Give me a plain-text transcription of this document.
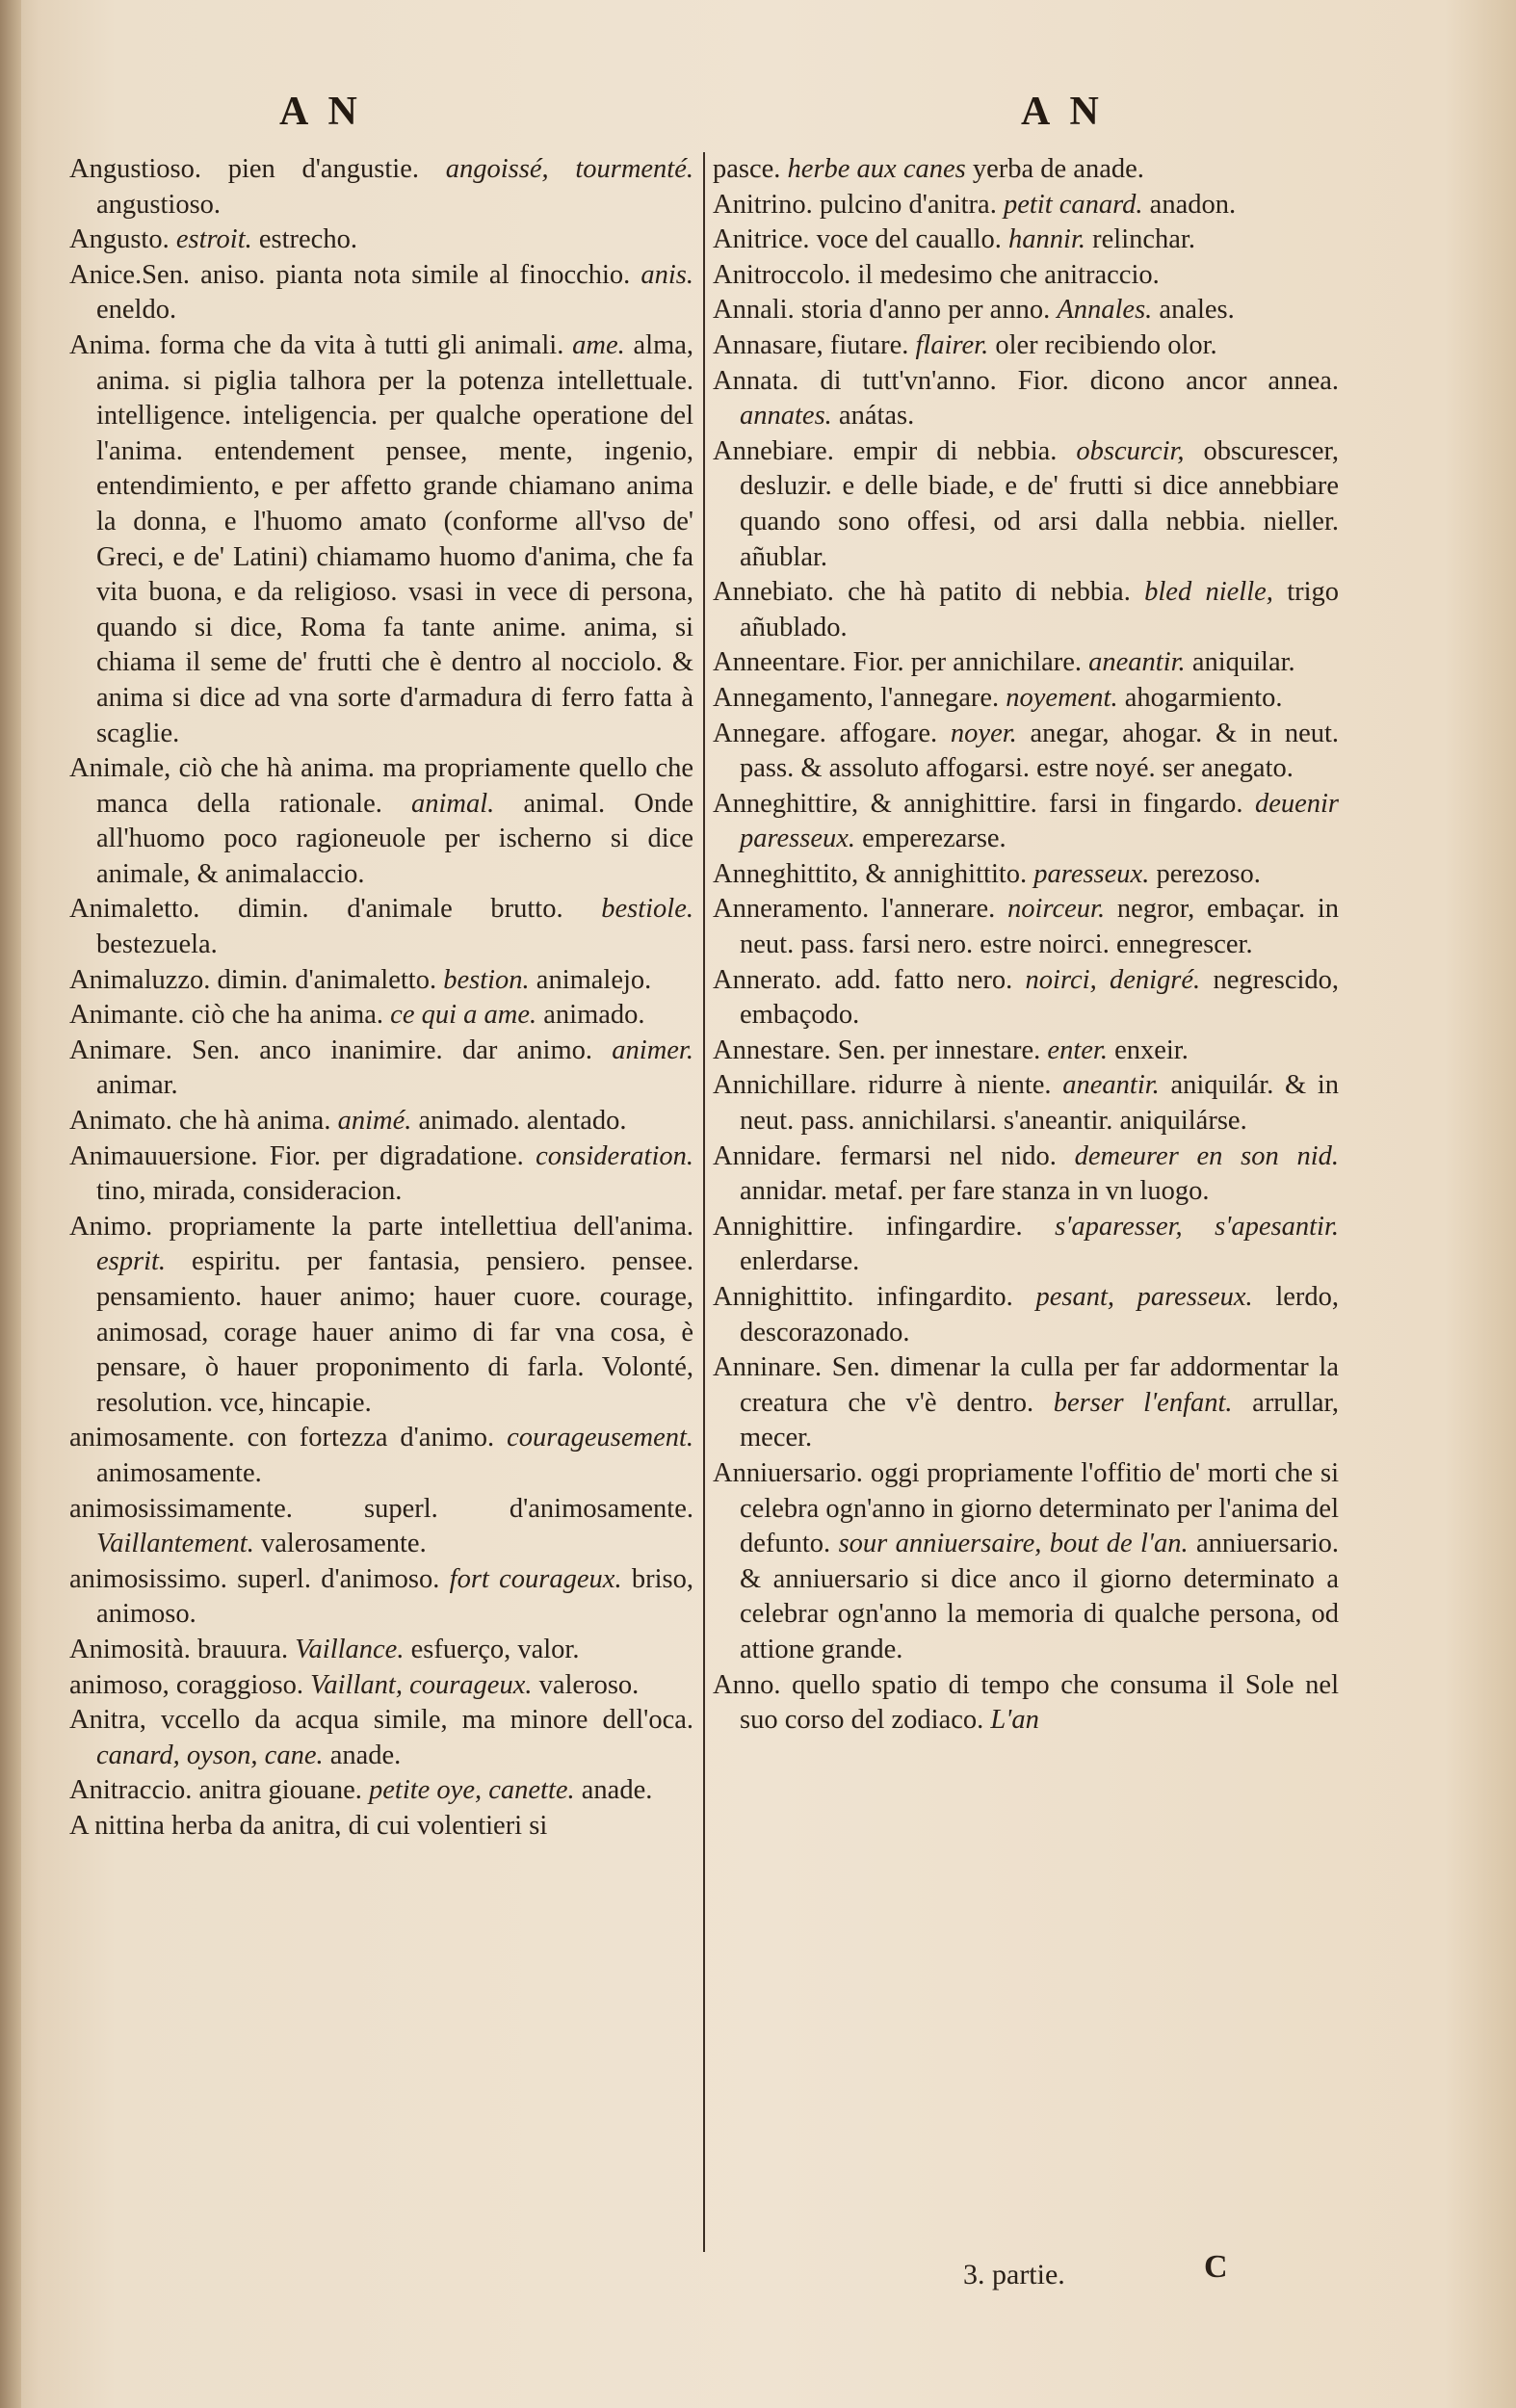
A N	A N

Angustioso. pien d'angustie. angoissé, tourmenté. angustioso.

Angusto. estroit. estrecho.

Anice.Sen. aniso. pianta nota simile al finocchio. anis. eneldo.

Anima. forma che da vita à tutti gli animali. ame. alma, anima. si piglia talhora per la potenza intellettuale. intelligence. inteligencia. per qualche operatione del l'anima. entendement pensee, mente, ingenio, entendimiento, e per affetto grande chiamano anima la donna, e l'huomo amato (conforme all'vso de' Greci, e de' Latini) chiamamo huomo d'anima, che fa vita buona, e da religioso. vsasi in vece di persona, quando si dice, Roma fa tante anime. anima, si chiama il seme de' frutti che è dentro al nocciolo. & anima si dice ad vna sorte d'armadura di ferro fatta à scaglie.

Animale, ciò che hà anima. ma propriamente quello che manca della rationale. animal. animal. Onde all'huomo poco ragioneuole per ischerno si dice animale, & animalaccio.

Animaletto. dimin. d'animale brutto. bestiole. bestezuela.

Animaluzzo. dimin. d'animaletto. bestion. animalejo.

Animante. ciò che ha anima. ce qui a ame. animado.

Animare. Sen. anco inanimire. dar animo. animer. animar.

Animato. che hà anima. animé. animado. alentado.

Animauuersione. Fior. per digradatione. consideration. tino, mirada, consideracion.

Animo. propriamente la parte intellettiua dell'anima. esprit. espiritu. per fantasia, pensiero. pensee. pensamiento. hauer animo; hauer cuore. courage, animosad, corage hauer animo di far vna cosa, è pensare, ò hauer proponimento di farla. Volonté, resolution. vce, hincapie.

animosamente. con fortezza d'animo. courageusement. animosamente.

animosissimamente. superl. d'animosamente. Vaillantement. valerosamente.

animosissimo. superl. d'animoso. fort courageux. briso, animoso.

Animosità. brauura. Vaillance. esfuerço, valor.

animoso, coraggioso. Vaillant, courageux. valeroso.

Anitra, vccello da acqua simile, ma minore dell'oca. canard, oyson, cane. anade.

Anitraccio. anitra giouane. petite oye, canette. anade.

A nittina herba da anitra, di cui volentieri si

pasce. herbe aux canes yerba de anade.

Anitrino. pulcino d'anitra. petit canard. anadon.

Anitrice. voce del cauallo. hannir. relinchar.

Anitroccolo. il medesimo che anitraccio.

Annali. storia d'anno per anno. Annales. anales.

Annasare, fiutare. flairer. oler recibiendo olor.

Annata. di tutt'vn'anno. Fior. dicono ancor annea. annates. anátas.

Annebiare. empir di nebbia. obscurcir, obscurescer, desluzir. e delle biade, e de' frutti si dice annebbiare quando sono offesi, od arsi dalla nebbia. nieller. añublar.

Annebiato. che hà patito di nebbia. bled nielle, trigo añublado.

Anneentare. Fior. per annichilare. aneantir. aniquilar.

Annegamento, l'annegare. noyement. ahogarmiento.

Annegare. affogare. noyer. anegar, ahogar. & in neut. pass. & assoluto affogarsi. estre noyé. ser anegato.

Anneghittire, & annighittire. farsi in fingardo. deuenir paresseux. emperezarse.

Anneghittito, & annighittito. paresseux. perezoso.

Anneramento. l'annerare. noirceur. negror, embaçar. in neut. pass. farsi nero. estre noirci. ennegrescer.

Annerato. add. fatto nero. noirci, denigré. negrescido, embaçodo.

Annestare. Sen. per innestare. enter. enxeir.

Annichillare. ridurre à niente. aneantir. aniquilár. & in neut. pass. annichilarsi. s'aneantir. aniquilárse.

Annidare. fermarsi nel nido. demeurer en son nid. annidar. metaf. per fare stanza in vn luogo.

Annighittire. infingardire. s'aparesser, s'apesantir. enlerdarse.

Annighittito. infingardito. pesant, paresseux. lerdo, descorazonado.

Anninare. Sen. dimenar la culla per far addormentar la creatura che v'è dentro. berser l'enfant. arrullar, mecer.

Anniuersario. oggi propriamente l'offitio de' morti che si celebra ogn'anno in giorno determinato per l'anima del defunto. sour anniuersaire, bout de l'an. anniuersario. & anniuersario si dice anco il giorno determinato a celebrar ogn'anno la memoria di qualche persona, od attione grande.

Anno. quello spatio di tempo che consuma il Sole nel suo corso del zodiaco. L'an

3. partie.	C
